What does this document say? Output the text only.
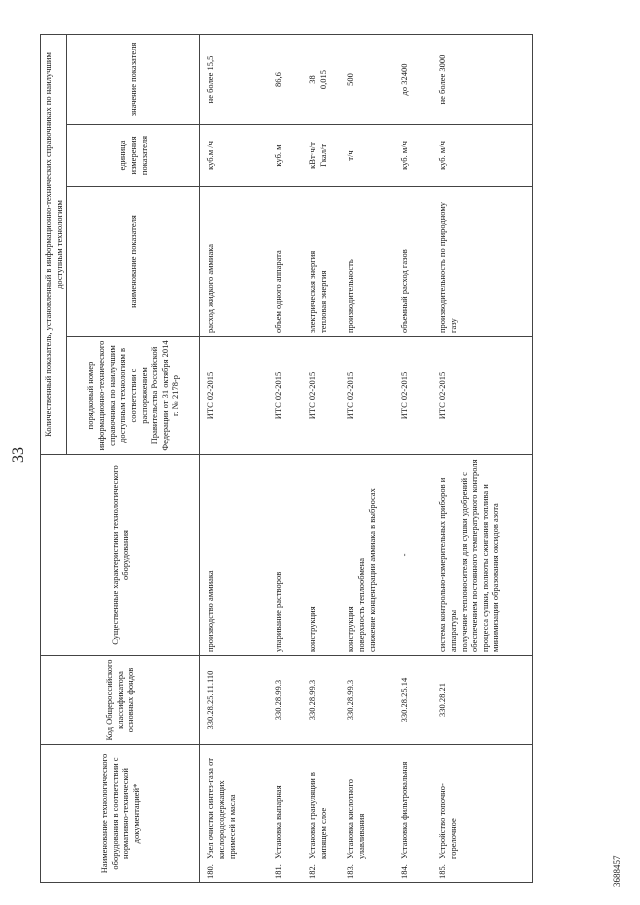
33
Наименование технологического оборудования в соответствии с нормативно-технической документацией*	Код Общероссийского классификатора основных фондов	Существенные характеристики технологического оборудования	Количественный показатель, установленный в информационно-технических справочниках по наилучшим доступным технологиям			
			порядковый номер информационно-технического справочника по наилучшим доступным технологиям в соответствии с распоряжением Правительства Российской Федерации от 31 октября 2014 г. № 2178-р	наименование показателя	единица измерения показателя	значение показателя
180.Узел очистки синтез-газа от кислородсодержащих примесей и масла	330.28.25.11.110	производство аммиака	ИТС 02-2015	расход жидкого аммиака	куб.м /ч	не более 15,5

181.Установка выпарная	330.28.99.3	упаривание растворов	ИТС 02-2015	объем одного аппарата	куб. м	86,6

182.Установка грануляции в кипящем слое	330.28.99.3	конструкция	ИТС 02-2015	электрическая энергия тепловая энергия	кВт·ч/т Гкал/т	38 0,015

183.Установка кислотного улавливания	330.28.99.3	конструкция поверхность теплообмена снижение концентрации аммиака в выбросах	ИТС 02-2015	производительность	т/ч	500

184.Установка фильтровальная	330.28.25.14	-	ИТС 02-2015	объемный расход газов	куб. м/ч	до 32400

185.Устройство топочно-горелочное	330.28.21	система контрольно-измерительных приборов и аппаратуры получение теплоносителя для сушки удобрений с обеспечением постоянного температурного контроля процесса сушки, полноты сжигания топлива и минимизации образования оксидов азота	ИТС 02-2015	производительность по природному газу	куб. м/ч	не более 3000
3688457
